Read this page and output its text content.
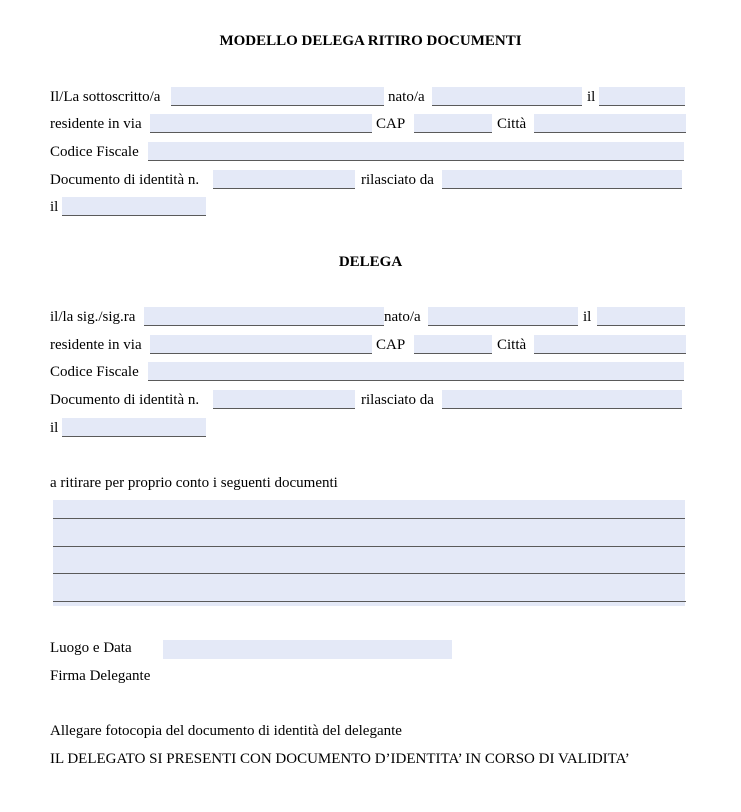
MODELLO DELEGA RITIRO DOCUMENTI
Il/La sottoscritto/a	nato/a	il
residente in via	CAP	Città
Codice Fiscale
Documento di identità n.	rilasciato da
il
DELEGA
il/la sig./sig.ra	nato/a	il
residente in via	CAP	Città
Codice Fiscale
Documento di identità n.	rilasciato da
il
a ritirare per proprio conto i seguenti documenti
Luogo e Data
Firma Delegante
Allegare fotocopia del documento di identità del delegante
IL DELEGATO SI PRESENTI CON DOCUMENTO D’IDENTITA’ IN CORSO DI VALIDITA’
